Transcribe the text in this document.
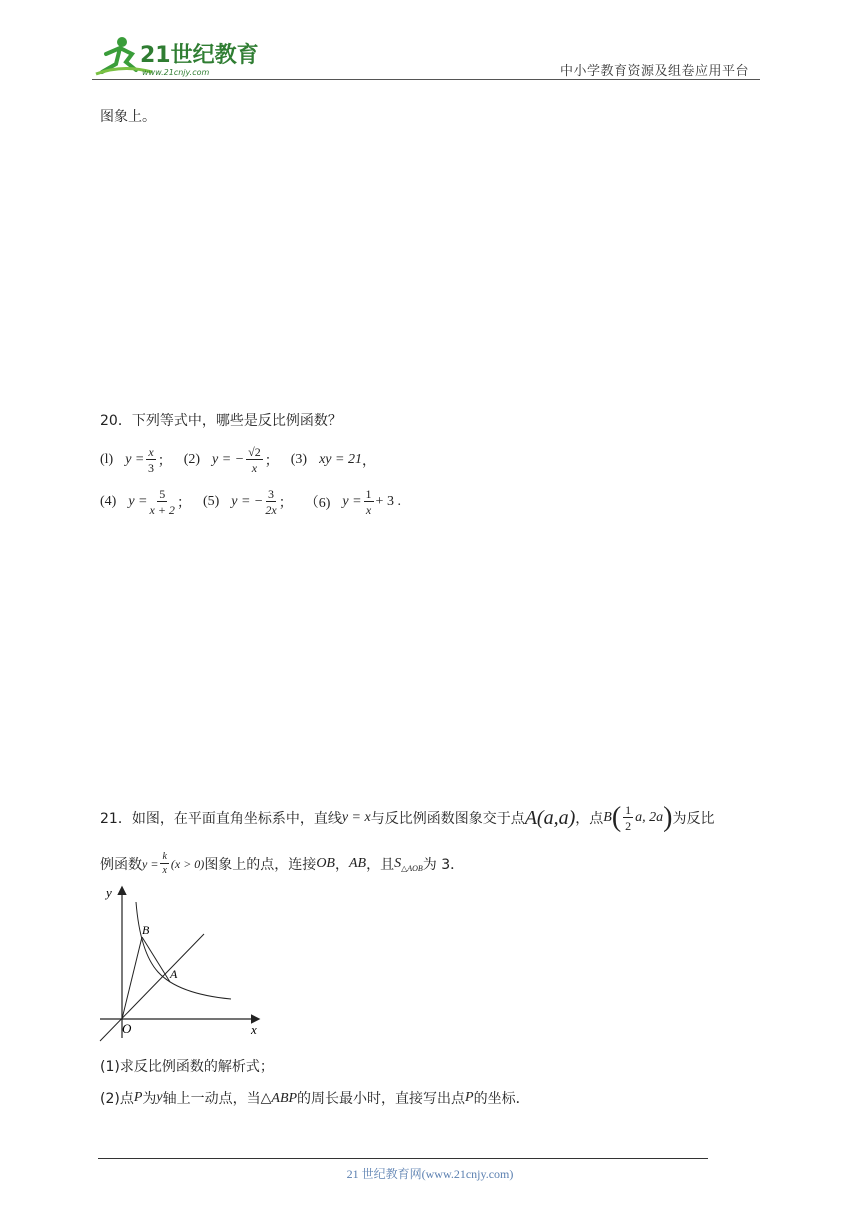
21世纪教育
www.21cnjy.com	中小学教育资源及组卷应用平台
图象上。
20．下列等式中，哪些是反比例函数？
(l) $y = \frac{x}{3}$ ； (2) y = − $\frac{√2}{x}$ ； (3) xy = 21 ，
(4) $y = \frac{5}{x + 2}$ ； (5) y = − $\frac{3}{2x}$ ； （6) $y = \frac{1}{x} + 3$ .
21．如图，在平面直角坐标系中，直线 y = x 与反比例函数图象交于点 A(a,a) ，点 B ( $\frac{1}{2} a$, 2a ) 为反比
例函数 $y = \frac{k}{x} (x > 0)$ 图象上的点，连接 OB ， AB ，且 S △AOB 为 3．
y
x
O
B
A
(1)求反比例函数的解析式；
(2)点 P 为 y 轴上一动点，当 △ABP 的周长最小时，直接写出点 P 的坐标．
21 世纪教育网(www.21cnjy.com)
